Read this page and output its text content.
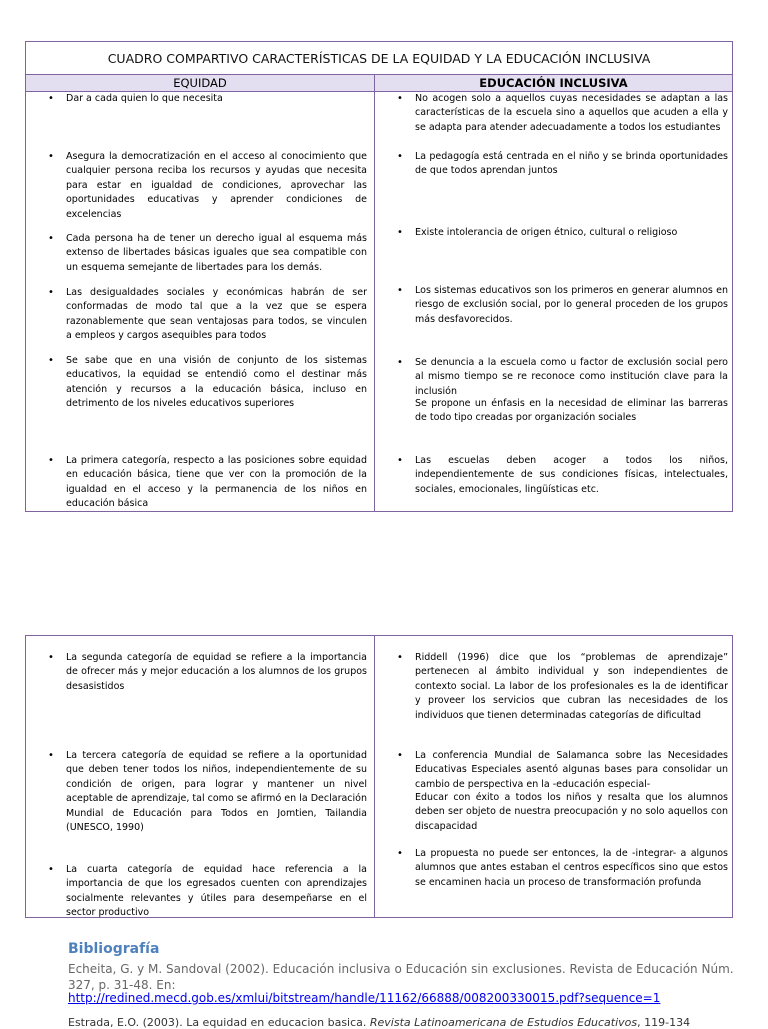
CUADRO COMPARTIVO CARACTERÍSTICAS DE LA EQUIDAD Y LA EDUCACIÓN INCLUSIVA
EQUIDAD	EDUCACIÓN INCLUSIVA
• Dar a cada quien lo que necesita
• Asegura la democratización en el acceso al conocimiento que cualquier persona reciba los recursos y ayudas que necesita para estar en igualdad de condiciones, aprovechar las oportunidades educativas y aprender condiciones de excelencias
• Cada persona ha de tener un derecho igual al esquema más extenso de libertades básicas iguales que sea compatible con un esquema semejante de libertades para los demás.
• Las desigualdades sociales y económicas habrán de ser conformadas de modo tal que a la vez que se espera razonablemente que sean ventajosas para todos, se vinculen a empleos y cargos asequibles para todos
• Se sabe que en una visión de conjunto de los sistemas educativos, la equidad se entendió como el destinar más atención y recursos a la educación básica, incluso en detrimento de los niveles educativos superiores
• La primera categoría, respecto a las posiciones sobre equidad en educación básica, tiene que ver con la promoción de la igualdad en el acceso y la permanencia de los niños en educación básica
• No acogen solo a aquellos cuyas necesidades se adaptan a las características de la escuela sino a aquellos que acuden a ella y se adapta para atender adecuadamente a todos los estudiantes
• La pedagogía está centrada en el niño y se brinda oportunidades de que todos aprendan juntos
• Existe intolerancia de origen étnico, cultural o religioso
• Los sistemas educativos son los primeros en generar alumnos en riesgo de exclusión social, por lo general proceden de los grupos más desfavorecidos.
• Se denuncia a la escuela como u factor de exclusión social pero al mismo tiempo se re reconoce como institución clave para la inclusión
Se propone un énfasis en la necesidad de eliminar las barreras de todo tipo creadas por organización sociales
• Las escuelas deben acoger a todos los niños, independientemente de sus condiciones físicas, intelectuales, sociales, emocionales, lingüísticas etc.
• La segunda categoría de equidad se refiere a la importancia de ofrecer más y mejor educación a los alumnos de los grupos desasistidos
• La tercera categoría de equidad se refiere a la oportunidad que deben tener todos los niños, independientemente de su condición de origen, para lograr y mantener un nivel aceptable de aprendizaje, tal como se afirmó en la Declaración Mundial de Educación para Todos en Jomtien, Tailandia (UNESCO, 1990)
• La cuarta categoría de equidad hace referencia a la importancia de que los egresados cuenten con aprendizajes socialmente relevantes y útiles para desempeñarse en el sector productivo
• Riddell (1996) dice que los “problemas de aprendizaje” pertenecen al ámbito individual y son independientes de contexto social. La labor de los profesionales es la de identificar y proveer los servicios que cubran las necesidades de los individuos que tienen determinadas categorías de dificultad
• La conferencia Mundial de Salamanca sobre las Necesidades Educativas Especiales asentó algunas bases para consolidar un cambio de perspectiva en la -educación especial-
Educar con éxito a todos los niños y resalta que los alumnos deben ser objeto de nuestra preocupación y no solo aquellos con discapacidad
• La propuesta no puede ser entonces, la de -integrar- a algunos alumnos que antes estaban el centros específicos sino que estos se encaminen hacia un proceso de transformación profunda
Bibliografía
Echeita, G. y M. Sandoval (2002). Educación inclusiva o Educación sin exclusiones. Revista de Educación Núm. 327, p. 31-48. En:
http://redined.mecd.gob.es/xmlui/bitstream/handle/11162/66888/008200330015.pdf?sequence=1
Estrada, E.O. (2003). La equidad en educacion basica. Revista Latinoamericana de Estudios Educativos, 119-134
